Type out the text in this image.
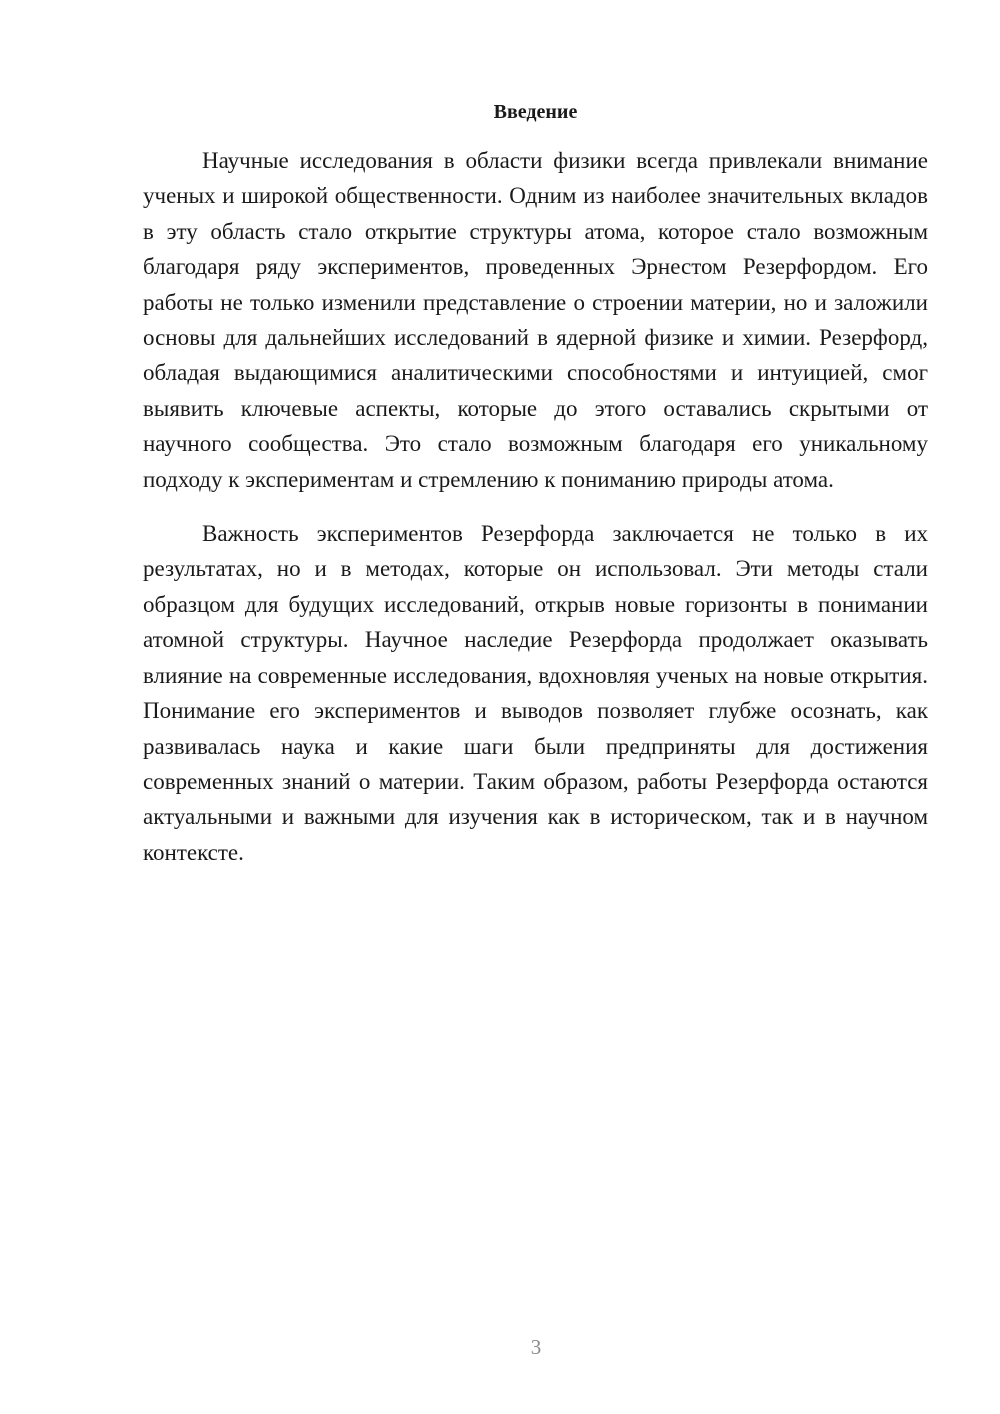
Введение

Научные исследования в области физики всегда привлекали внимание ученых и широкой общественности. Одним из наиболее значительных вкладов в эту область стало открытие структуры атома, которое стало возможным благодаря ряду экспериментов, проведенных Эрнестом Резерфордом. Его работы не только изменили представление о строении материи, но и заложили основы для дальнейших исследований в ядерной физике и химии. Резерфорд, обладая выдающимися аналитическими способностями и интуицией, смог выявить ключевые аспекты, которые до этого оставались скрытыми от научного сообщества. Это стало возможным благодаря его уникальному подходу к экспериментам и стремлению к пониманию природы атома.

Важность экспериментов Резерфорда заключается не только в их результатах, но и в методах, которые он использовал. Эти методы стали образцом для будущих исследований, открыв новые горизонты в понимании атомной структуры. Научное наследие Резерфорда продолжает оказывать влияние на современные исследования, вдохновляя ученых на новые открытия. Понимание его экспериментов и выводов позволяет глубже осознать, как развивалась наука и какие шаги были предприняты для достижения современных знаний о материи. Таким образом, работы Резерфорда остаются актуальными и важными для изучения как в историческом, так и в научном контексте.

3
